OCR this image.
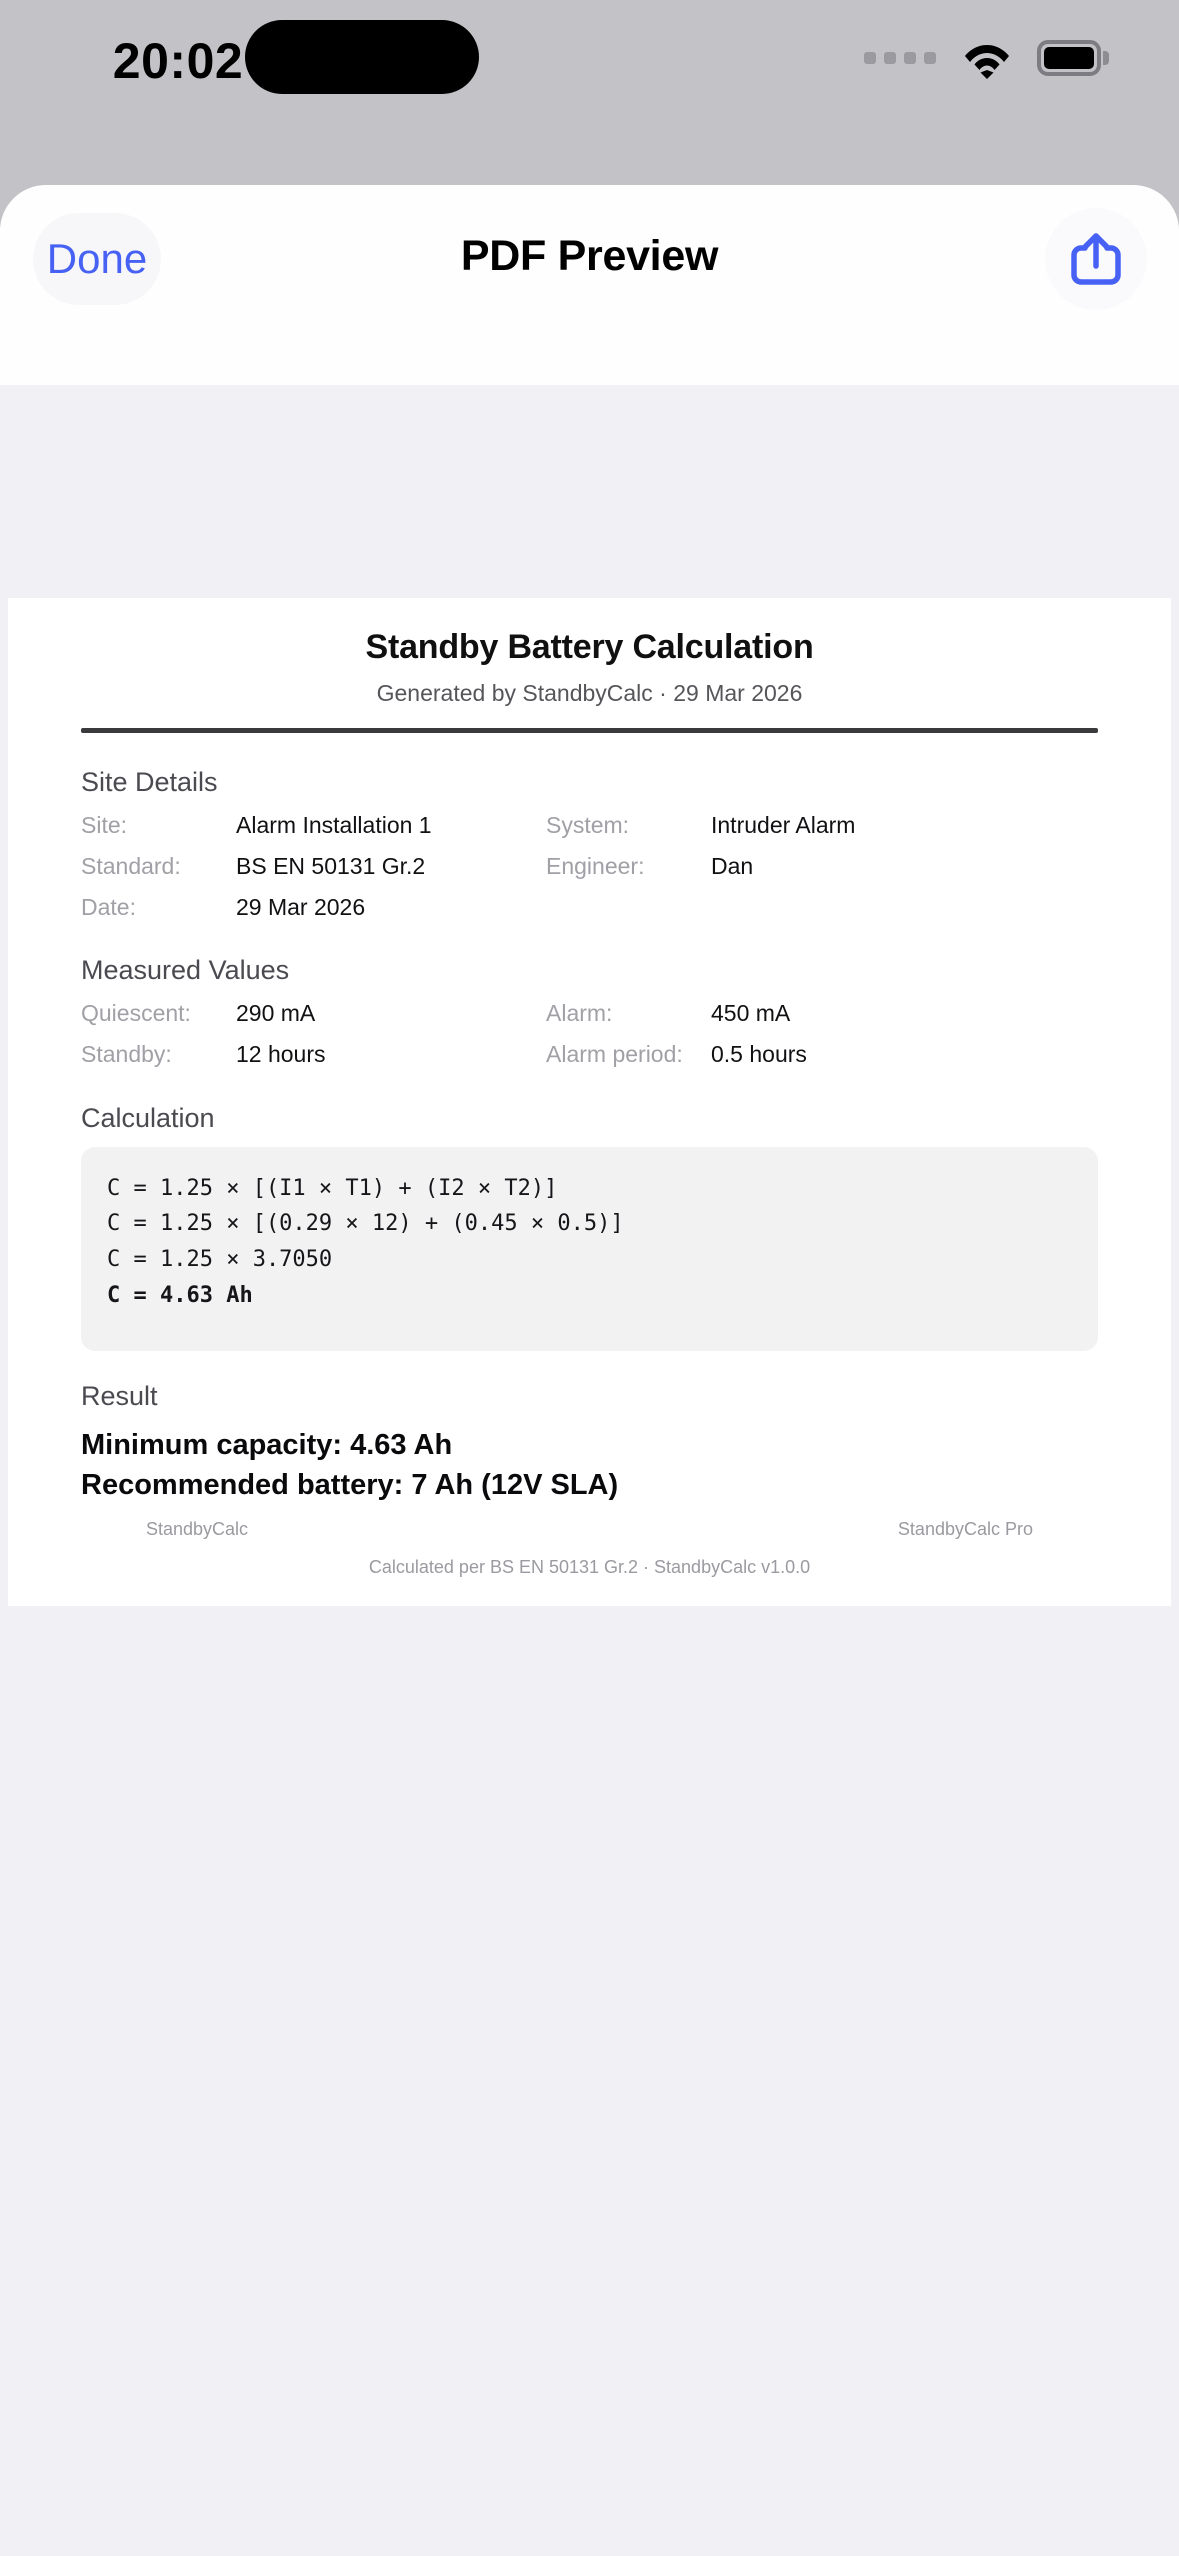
20:02
Done	PDF Preview
Standby Battery Calculation
Generated by StandbyCalc · 29 Mar 2026
Site Details
Site:	Alarm Installation 1	System:	Intruder Alarm
Standard:	BS EN 50131 Gr.2	Engineer:	Dan
Date:	29 Mar 2026
Measured Values
Quiescent:	290 mA	Alarm:	450 mA
Standby:	12 hours	Alarm period:	0.5 hours
Calculation
C = 1.25 × [(I1 × T1) + (I2 × T2)]
C = 1.25 × [(0.29 × 12) + (0.45 × 0.5)]
C = 1.25 × 3.7050
C = 4.63 Ah
Result
Minimum capacity: 4.63 Ah
Recommended battery: 7 Ah (12V SLA)
StandbyCalc	StandbyCalc Pro
Calculated per BS EN 50131 Gr.2 · StandbyCalc v1.0.0
